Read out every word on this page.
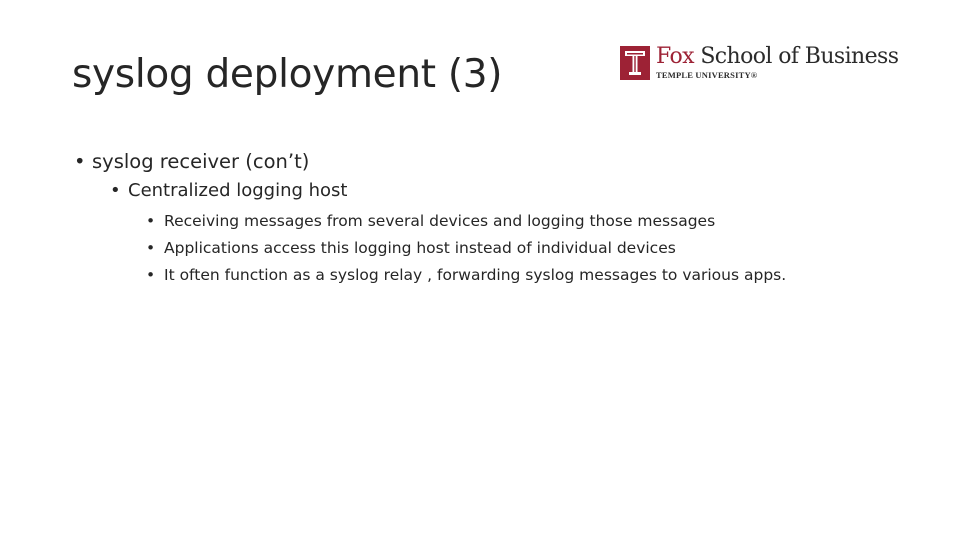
syslog deployment (3)	Fox School of Business
TEMPLE UNIVERSITY®
• syslog receiver (con’t)
• Centralized logging host
• Receiving messages from several devices and logging those messages
• Applications access this logging host instead of individual devices
• It often function as a syslog relay , forwarding syslog messages to various apps.
